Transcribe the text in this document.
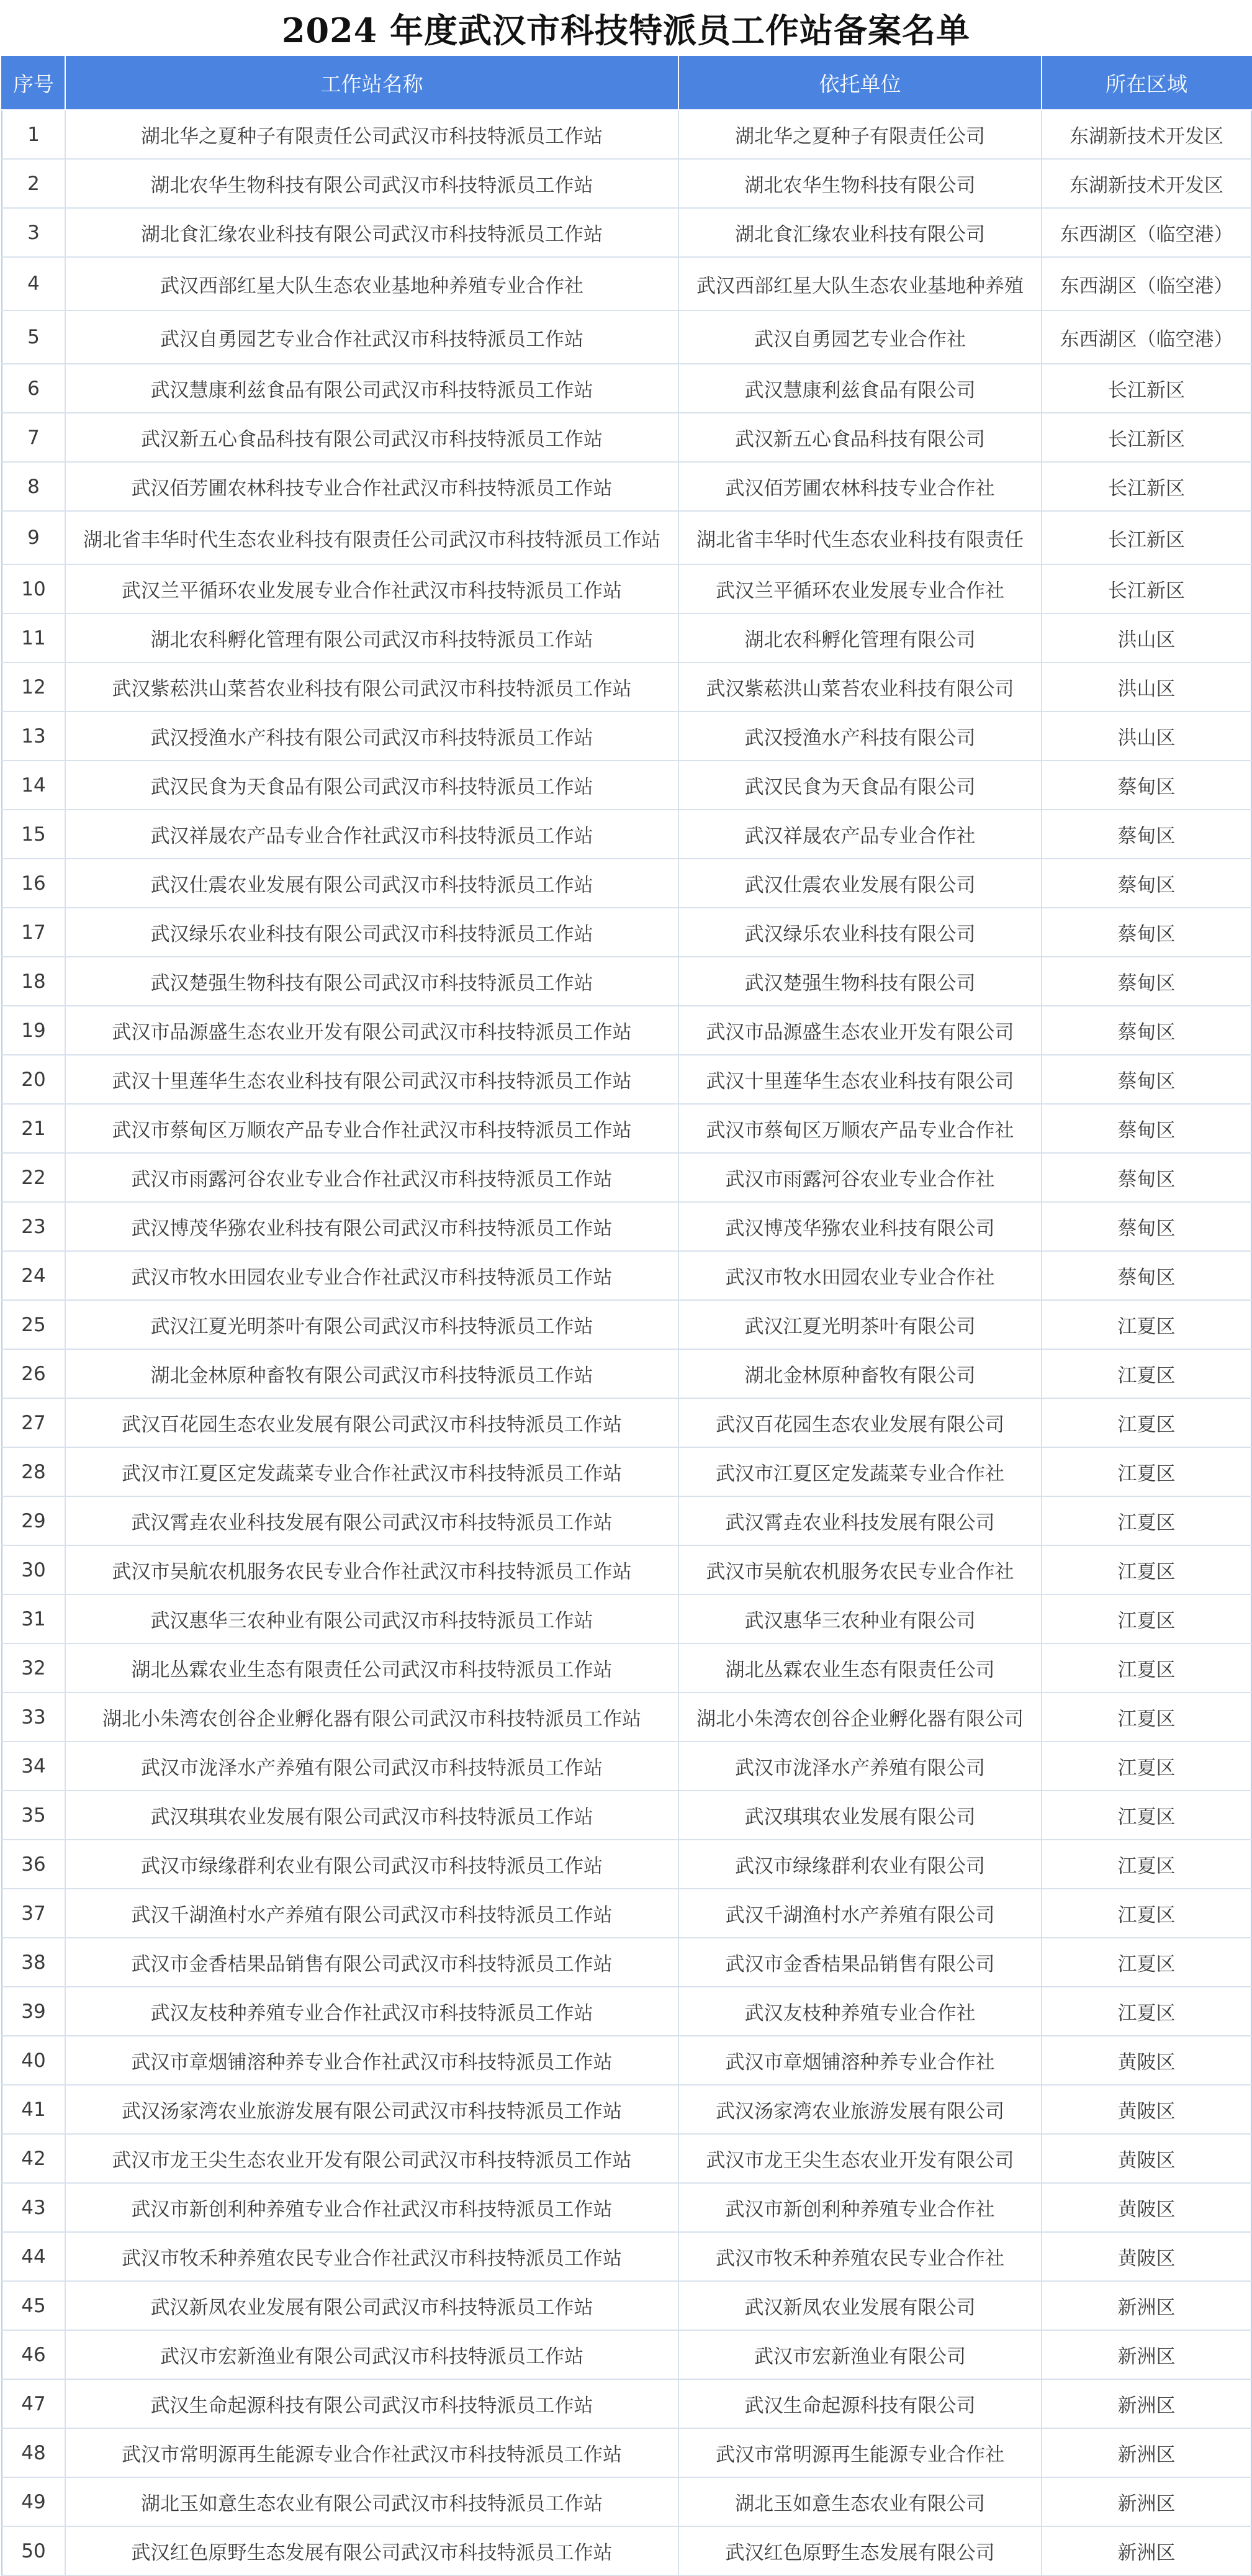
2024 年度武汉市科技特派员工作站备案名单
序号	工作站名称	依托单位	所在区域
1	湖北华之夏种子有限责任公司武汉市科技特派员工作站	湖北华之夏种子有限责任公司	东湖新技术开发区
2	湖北农华生物科技有限公司武汉市科技特派员工作站	湖北农华生物科技有限公司	东湖新技术开发区
3	湖北食汇缘农业科技有限公司武汉市科技特派员工作站	湖北食汇缘农业科技有限公司	东西湖区（临空港）
4	武汉西部红星大队生态农业基地种养殖专业合作社	武汉西部红星大队生态农业基地种养殖	东西湖区（临空港）
5	武汉自勇园艺专业合作社武汉市科技特派员工作站	武汉自勇园艺专业合作社	东西湖区（临空港）
6	武汉慧康利兹食品有限公司武汉市科技特派员工作站	武汉慧康利兹食品有限公司	长江新区
7	武汉新五心食品科技有限公司武汉市科技特派员工作站	武汉新五心食品科技有限公司	长江新区
8	武汉佰芳圃农林科技专业合作社武汉市科技特派员工作站	武汉佰芳圃农林科技专业合作社	长江新区
9	湖北省丰华时代生态农业科技有限责任公司武汉市科技特派员工作站	湖北省丰华时代生态农业科技有限责任	长江新区
10	武汉兰平循环农业发展专业合作社武汉市科技特派员工作站	武汉兰平循环农业发展专业合作社	长江新区
11	湖北农科孵化管理有限公司武汉市科技特派员工作站	湖北农科孵化管理有限公司	洪山区
12	武汉紫菘洪山菜苔农业科技有限公司武汉市科技特派员工作站	武汉紫菘洪山菜苔农业科技有限公司	洪山区
13	武汉授渔水产科技有限公司武汉市科技特派员工作站	武汉授渔水产科技有限公司	洪山区
14	武汉民食为天食品有限公司武汉市科技特派员工作站	武汉民食为天食品有限公司	蔡甸区
15	武汉祥晟农产品专业合作社武汉市科技特派员工作站	武汉祥晟农产品专业合作社	蔡甸区
16	武汉仕震农业发展有限公司武汉市科技特派员工作站	武汉仕震农业发展有限公司	蔡甸区
17	武汉绿乐农业科技有限公司武汉市科技特派员工作站	武汉绿乐农业科技有限公司	蔡甸区
18	武汉楚强生物科技有限公司武汉市科技特派员工作站	武汉楚强生物科技有限公司	蔡甸区
19	武汉市品源盛生态农业开发有限公司武汉市科技特派员工作站	武汉市品源盛生态农业开发有限公司	蔡甸区
20	武汉十里莲华生态农业科技有限公司武汉市科技特派员工作站	武汉十里莲华生态农业科技有限公司	蔡甸区
21	武汉市蔡甸区万顺农产品专业合作社武汉市科技特派员工作站	武汉市蔡甸区万顺农产品专业合作社	蔡甸区
22	武汉市雨露河谷农业专业合作社武汉市科技特派员工作站	武汉市雨露河谷农业专业合作社	蔡甸区
23	武汉博茂华猕农业科技有限公司武汉市科技特派员工作站	武汉博茂华猕农业科技有限公司	蔡甸区
24	武汉市牧水田园农业专业合作社武汉市科技特派员工作站	武汉市牧水田园农业专业合作社	蔡甸区
25	武汉江夏光明茶叶有限公司武汉市科技特派员工作站	武汉江夏光明茶叶有限公司	江夏区
26	湖北金林原种畜牧有限公司武汉市科技特派员工作站	湖北金林原种畜牧有限公司	江夏区
27	武汉百花园生态农业发展有限公司武汉市科技特派员工作站	武汉百花园生态农业发展有限公司	江夏区
28	武汉市江夏区定发蔬菜专业合作社武汉市科技特派员工作站	武汉市江夏区定发蔬菜专业合作社	江夏区
29	武汉霄垚农业科技发展有限公司武汉市科技特派员工作站	武汉霄垚农业科技发展有限公司	江夏区
30	武汉市吴航农机服务农民专业合作社武汉市科技特派员工作站	武汉市吴航农机服务农民专业合作社	江夏区
31	武汉惠华三农种业有限公司武汉市科技特派员工作站	武汉惠华三农种业有限公司	江夏区
32	湖北丛霖农业生态有限责任公司武汉市科技特派员工作站	湖北丛霖农业生态有限责任公司	江夏区
33	湖北小朱湾农创谷企业孵化器有限公司武汉市科技特派员工作站	湖北小朱湾农创谷企业孵化器有限公司	江夏区
34	武汉市泷泽水产养殖有限公司武汉市科技特派员工作站	武汉市泷泽水产养殖有限公司	江夏区
35	武汉琪琪农业发展有限公司武汉市科技特派员工作站	武汉琪琪农业发展有限公司	江夏区
36	武汉市绿缘群利农业有限公司武汉市科技特派员工作站	武汉市绿缘群利农业有限公司	江夏区
37	武汉千湖渔村水产养殖有限公司武汉市科技特派员工作站	武汉千湖渔村水产养殖有限公司	江夏区
38	武汉市金香桔果品销售有限公司武汉市科技特派员工作站	武汉市金香桔果品销售有限公司	江夏区
39	武汉友枝种养殖专业合作社武汉市科技特派员工作站	武汉友枝种养殖专业合作社	江夏区
40	武汉市章烟铺溶种养专业合作社武汉市科技特派员工作站	武汉市章烟铺溶种养专业合作社	黄陂区
41	武汉汤家湾农业旅游发展有限公司武汉市科技特派员工作站	武汉汤家湾农业旅游发展有限公司	黄陂区
42	武汉市龙王尖生态农业开发有限公司武汉市科技特派员工作站	武汉市龙王尖生态农业开发有限公司	黄陂区
43	武汉市新创利种养殖专业合作社武汉市科技特派员工作站	武汉市新创利种养殖专业合作社	黄陂区
44	武汉市牧禾种养殖农民专业合作社武汉市科技特派员工作站	武汉市牧禾种养殖农民专业合作社	黄陂区
45	武汉新凤农业发展有限公司武汉市科技特派员工作站	武汉新凤农业发展有限公司	新洲区
46	武汉市宏新渔业有限公司武汉市科技特派员工作站	武汉市宏新渔业有限公司	新洲区
47	武汉生命起源科技有限公司武汉市科技特派员工作站	武汉生命起源科技有限公司	新洲区
48	武汉市常明源再生能源专业合作社武汉市科技特派员工作站	武汉市常明源再生能源专业合作社	新洲区
49	湖北玉如意生态农业有限公司武汉市科技特派员工作站	湖北玉如意生态农业有限公司	新洲区
50	武汉红色原野生态发展有限公司武汉市科技特派员工作站	武汉红色原野生态发展有限公司	新洲区
